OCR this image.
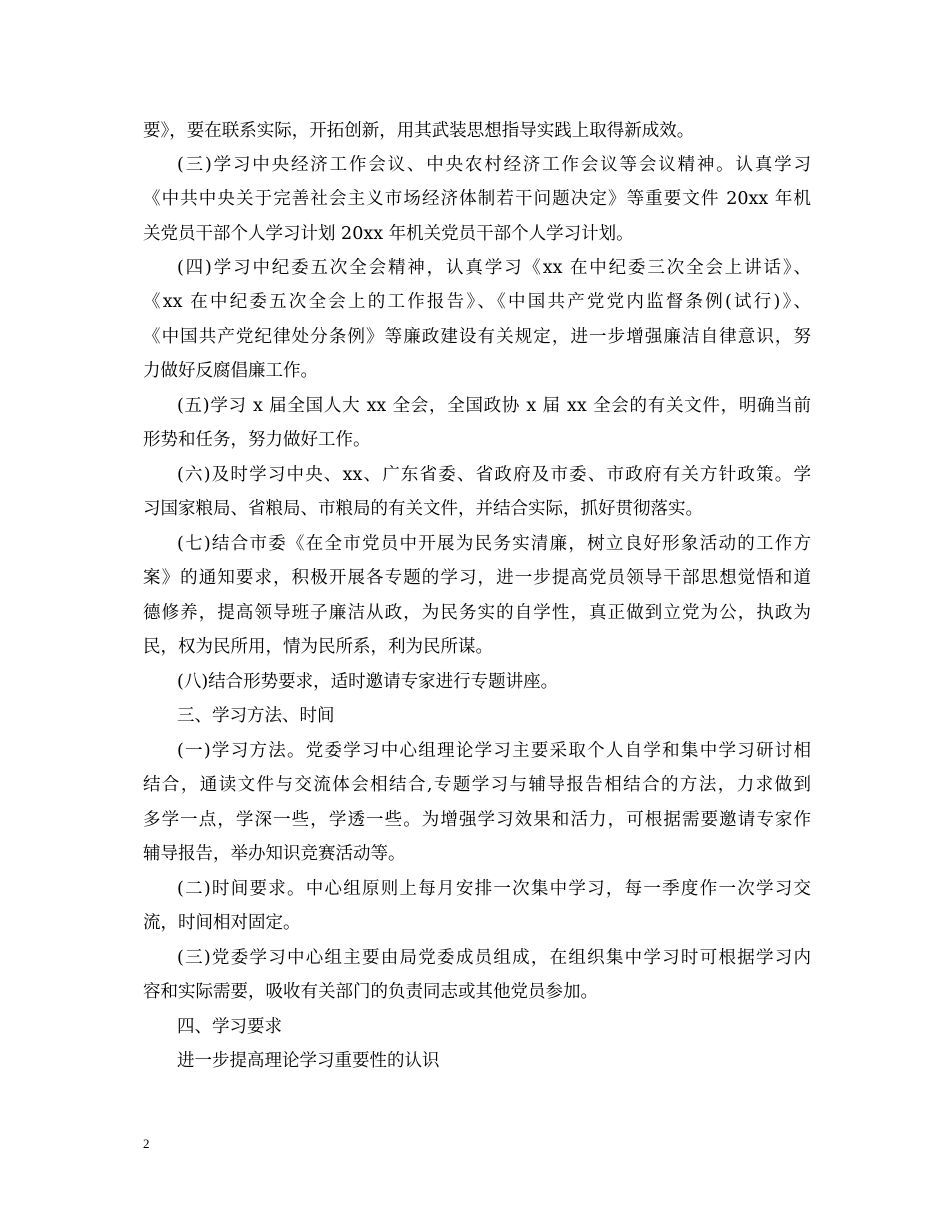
要》，要在联系实际，开拓创新，用其武装思想指导实践上取得新成效。
(三)学习中央经济工作会议、中央农村经济工作会议等会议精神。认真学习
《中共中央关于完善社会主义市场经济体制若干问题决定》等重要文件 20xx 年机
关党员干部个人学习计划 20xx 年机关党员干部个人学习计划。
(四)学习中纪委五次全会精神，认真学习《xx 在中纪委三次全会上讲话》、
《xx 在中纪委五次全会上的工作报告》、《中国共产党党内监督条例(试行)》、
《中国共产党纪律处分条例》等廉政建设有关规定，进一步增强廉洁自律意识，努
力做好反腐倡廉工作。
(五)学习 x 届全国人大 xx 全会，全国政协 x 届 xx 全会的有关文件，明确当前
形势和任务，努力做好工作。
(六)及时学习中央、xx、广东省委、省政府及市委、市政府有关方针政策。学
习国家粮局、省粮局、市粮局的有关文件，并结合实际，抓好贯彻落实。
(七)结合市委《在全市党员中开展为民务实清廉，树立良好形象活动的工作方
案》的通知要求，积极开展各专题的学习，进一步提高党员领导干部思想觉悟和道
德修养，提高领导班子廉洁从政，为民务实的自学性，真正做到立党为公，执政为
民，权为民所用，情为民所系，利为民所谋。
(八)结合形势要求，适时邀请专家进行专题讲座。
三、学习方法、时间
(一)学习方法。党委学习中心组理论学习主要采取个人自学和集中学习研讨相
结合，通读文件与交流体会相结合,专题学习与辅导报告相结合的方法，力求做到
多学一点，学深一些，学透一些。为增强学习效果和活力，可根据需要邀请专家作
辅导报告，举办知识竞赛活动等。
(二)时间要求。中心组原则上每月安排一次集中学习，每一季度作一次学习交
流，时间相对固定。
(三)党委学习中心组主要由局党委成员组成，在组织集中学习时可根据学习内
容和实际需要，吸收有关部门的负责同志或其他党员参加。
四、学习要求
进一步提高理论学习重要性的认识
2
